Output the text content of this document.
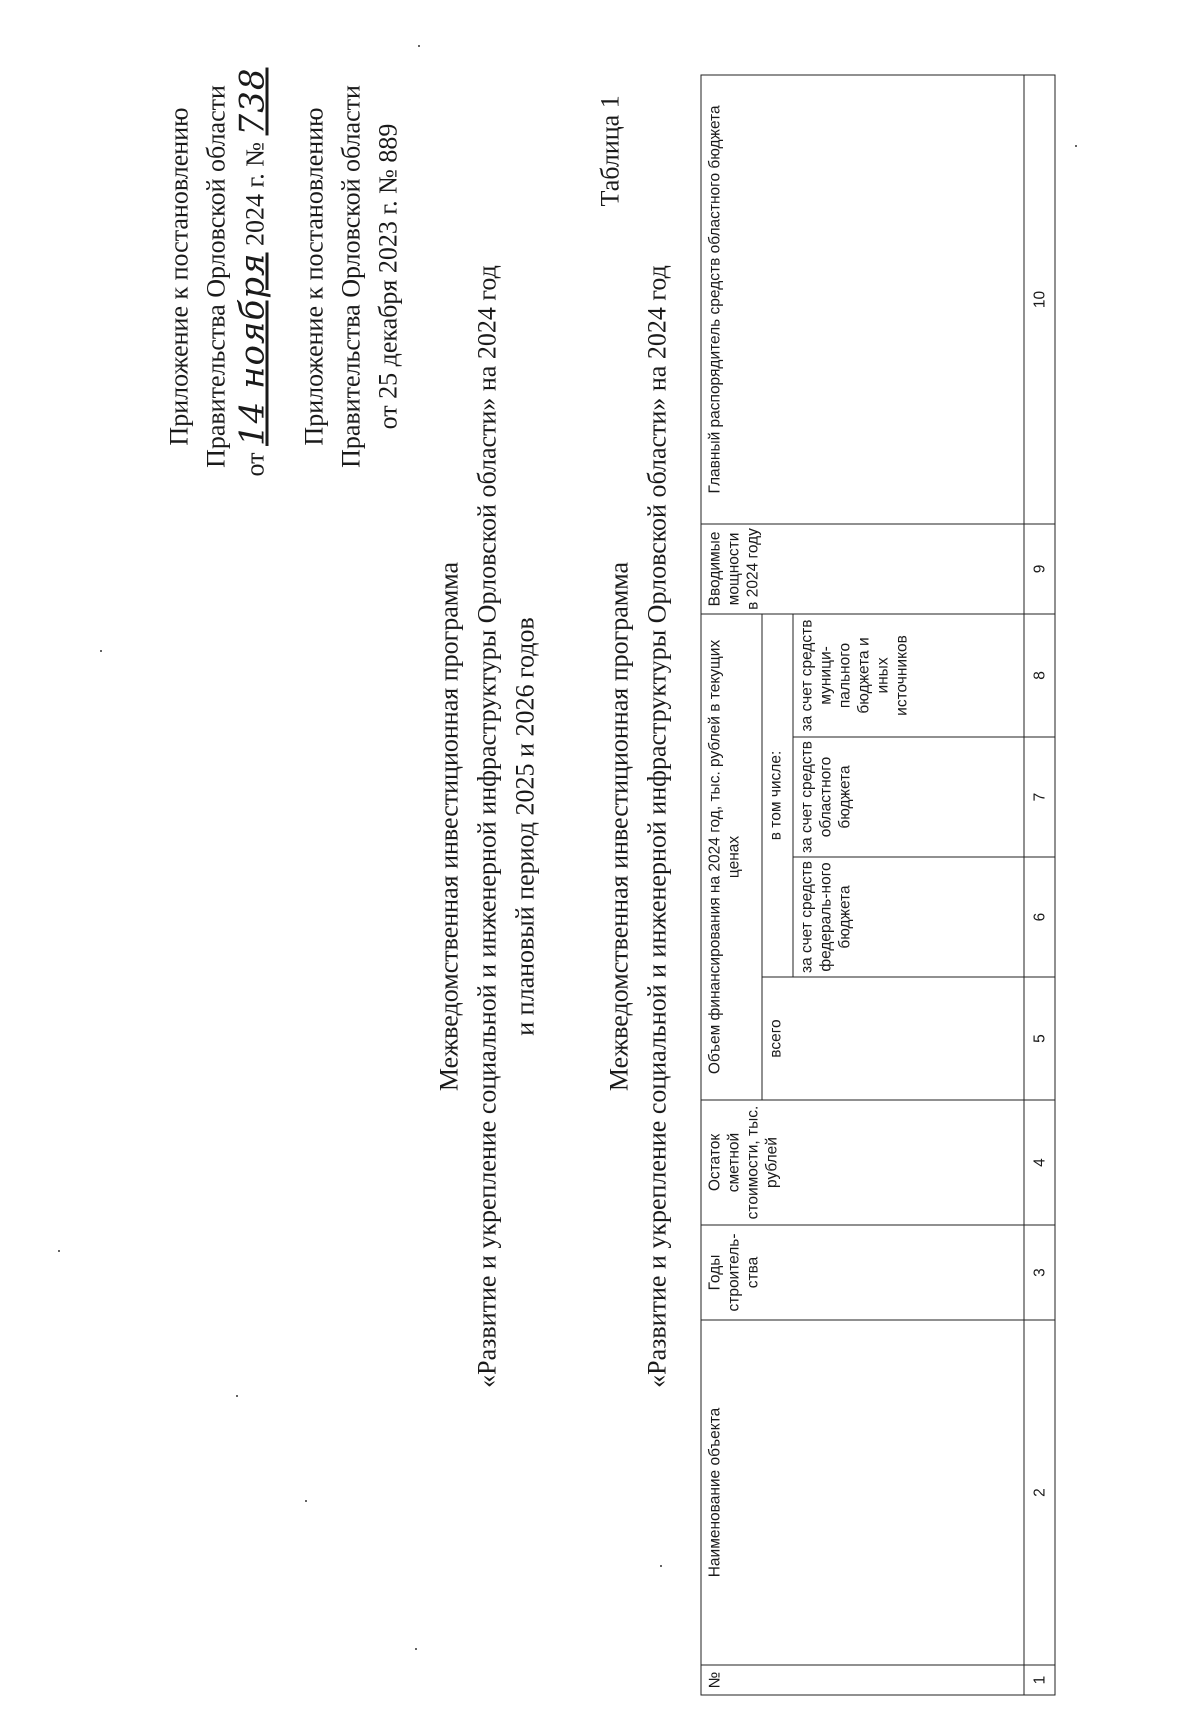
Приложение к постановлению Правительства Орловской области от 14 ноября 2024 г. № 738
Приложение к постановлению Правительства Орловской области от 25 декабря 2023 г. № 889
Межведомственная инвестиционная программа «Развитие и укрепление социальной и инженерной инфраструктуры Орловской области» на 2024 год и плановый период 2025 и 2026 годов
Таблица 1
Межведомственная инвестиционная программа «Развитие и укрепление социальной и инженерной инфраструктуры Орловской области» на 2024 год
№	Наименование объекта	Годы строитель-ства	Остаток сметной стоимости, тыс. рублей	Объем финансирования на 2024 год, тыс. рублей в текущих ценах				Вводимые мощности в 2024 году	Главный распорядитель средств областного бюджета
				всего	в том числе:				
					за счет средств федераль-ного бюджета	за счет средств областного бюджета	за счет средств муници-пального бюджета и иных источников		
1	2	3	4	5	6	7	8	9	10
